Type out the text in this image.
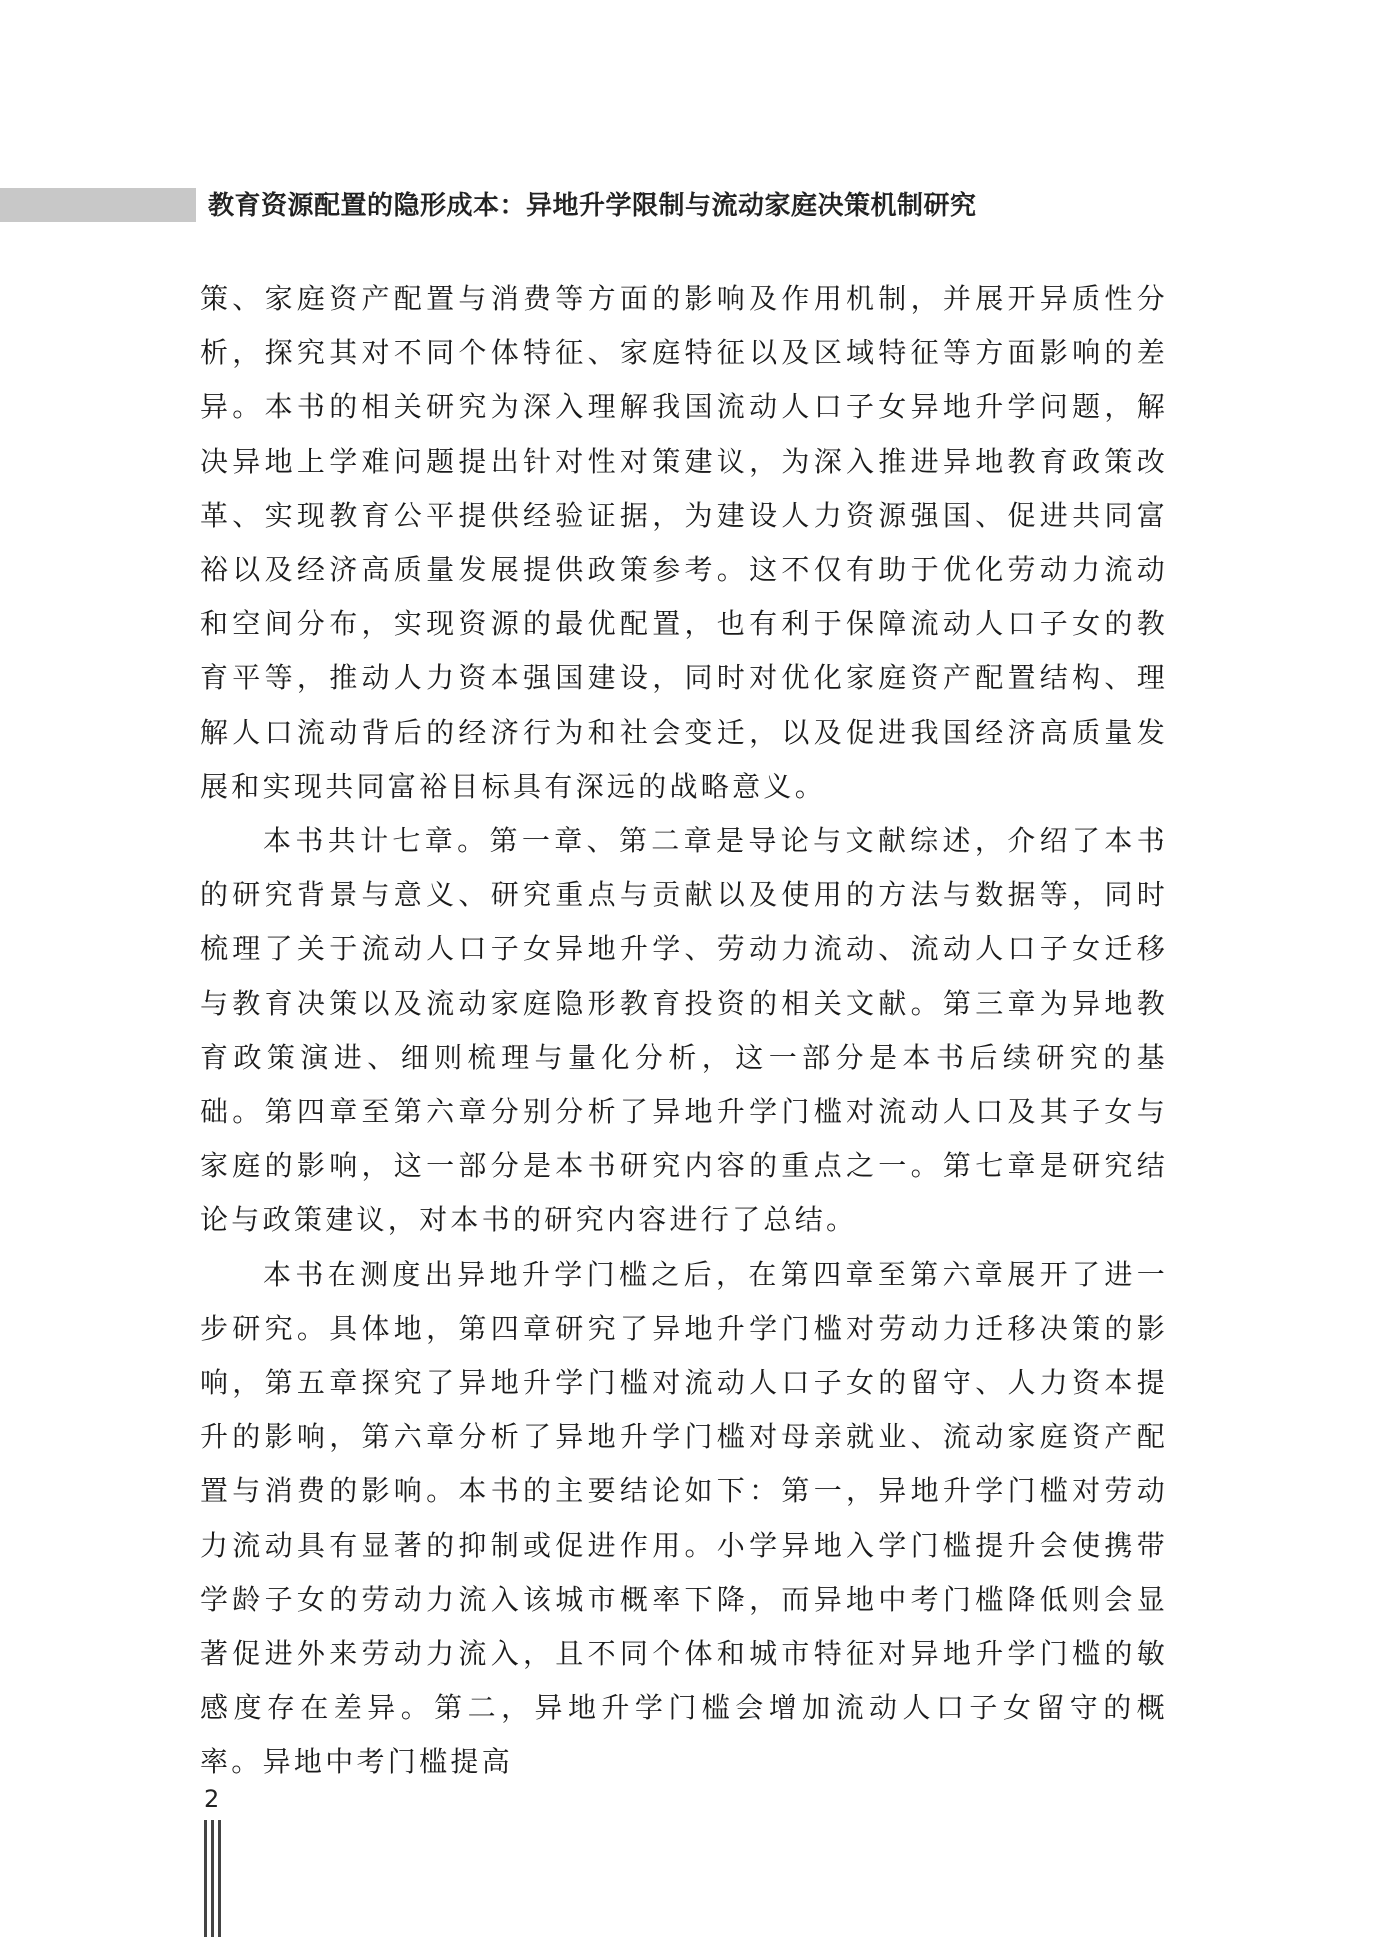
教育资源配置的隐形成本：异地升学限制与流动家庭决策机制研究

策、家庭资产配置与消费等方面的影响及作用机制，并展开异质性分析，探究其对不同个体特征、家庭特征以及区域特征等方面影响的差异。本书的相关研究为深入理解我国流动人口子女异地升学问题，解决异地上学难问题提出针对性对策建议，为深入推进异地教育政策改革、实现教育公平提供经验证据，为建设人力资源强国、促进共同富裕以及经济高质量发展提供政策参考。这不仅有助于优化劳动力流动和空间分布，实现资源的最优配置，也有利于保障流动人口子女的教育平等，推动人力资本强国建设，同时对优化家庭资产配置结构、理解人口流动背后的经济行为和社会变迁，以及促进我国经济高质量发展和实现共同富裕目标具有深远的战略意义。

本书共计七章。第一章、第二章是导论与文献综述，介绍了本书的研究背景与意义、研究重点与贡献以及使用的方法与数据等，同时梳理了关于流动人口子女异地升学、劳动力流动、流动人口子女迁移与教育决策以及流动家庭隐形教育投资的相关文献。第三章为异地教育政策演进、细则梳理与量化分析，这一部分是本书后续研究的基础。第四章至第六章分别分析了异地升学门槛对流动人口及其子女与家庭的影响，这一部分是本书研究内容的重点之一。第七章是研究结论与政策建议，对本书的研究内容进行了总结。

本书在测度出异地升学门槛之后，在第四章至第六章展开了进一步研究。具体地，第四章研究了异地升学门槛对劳动力迁移决策的影响，第五章探究了异地升学门槛对流动人口子女的留守、人力资本提升的影响，第六章分析了异地升学门槛对母亲就业、流动家庭资产配置与消费的影响。本书的主要结论如下：第一，异地升学门槛对劳动力流动具有显著的抑制或促进作用。小学异地入学门槛提升会使携带学龄子女的劳动力流入该城市概率下降，而异地中考门槛降低则会显著促进外来劳动力流入，且不同个体和城市特征对异地升学门槛的敏感度存在差异。第二，异地升学门槛会增加流动人口子女留守的概率。异地中考门槛提高

2
